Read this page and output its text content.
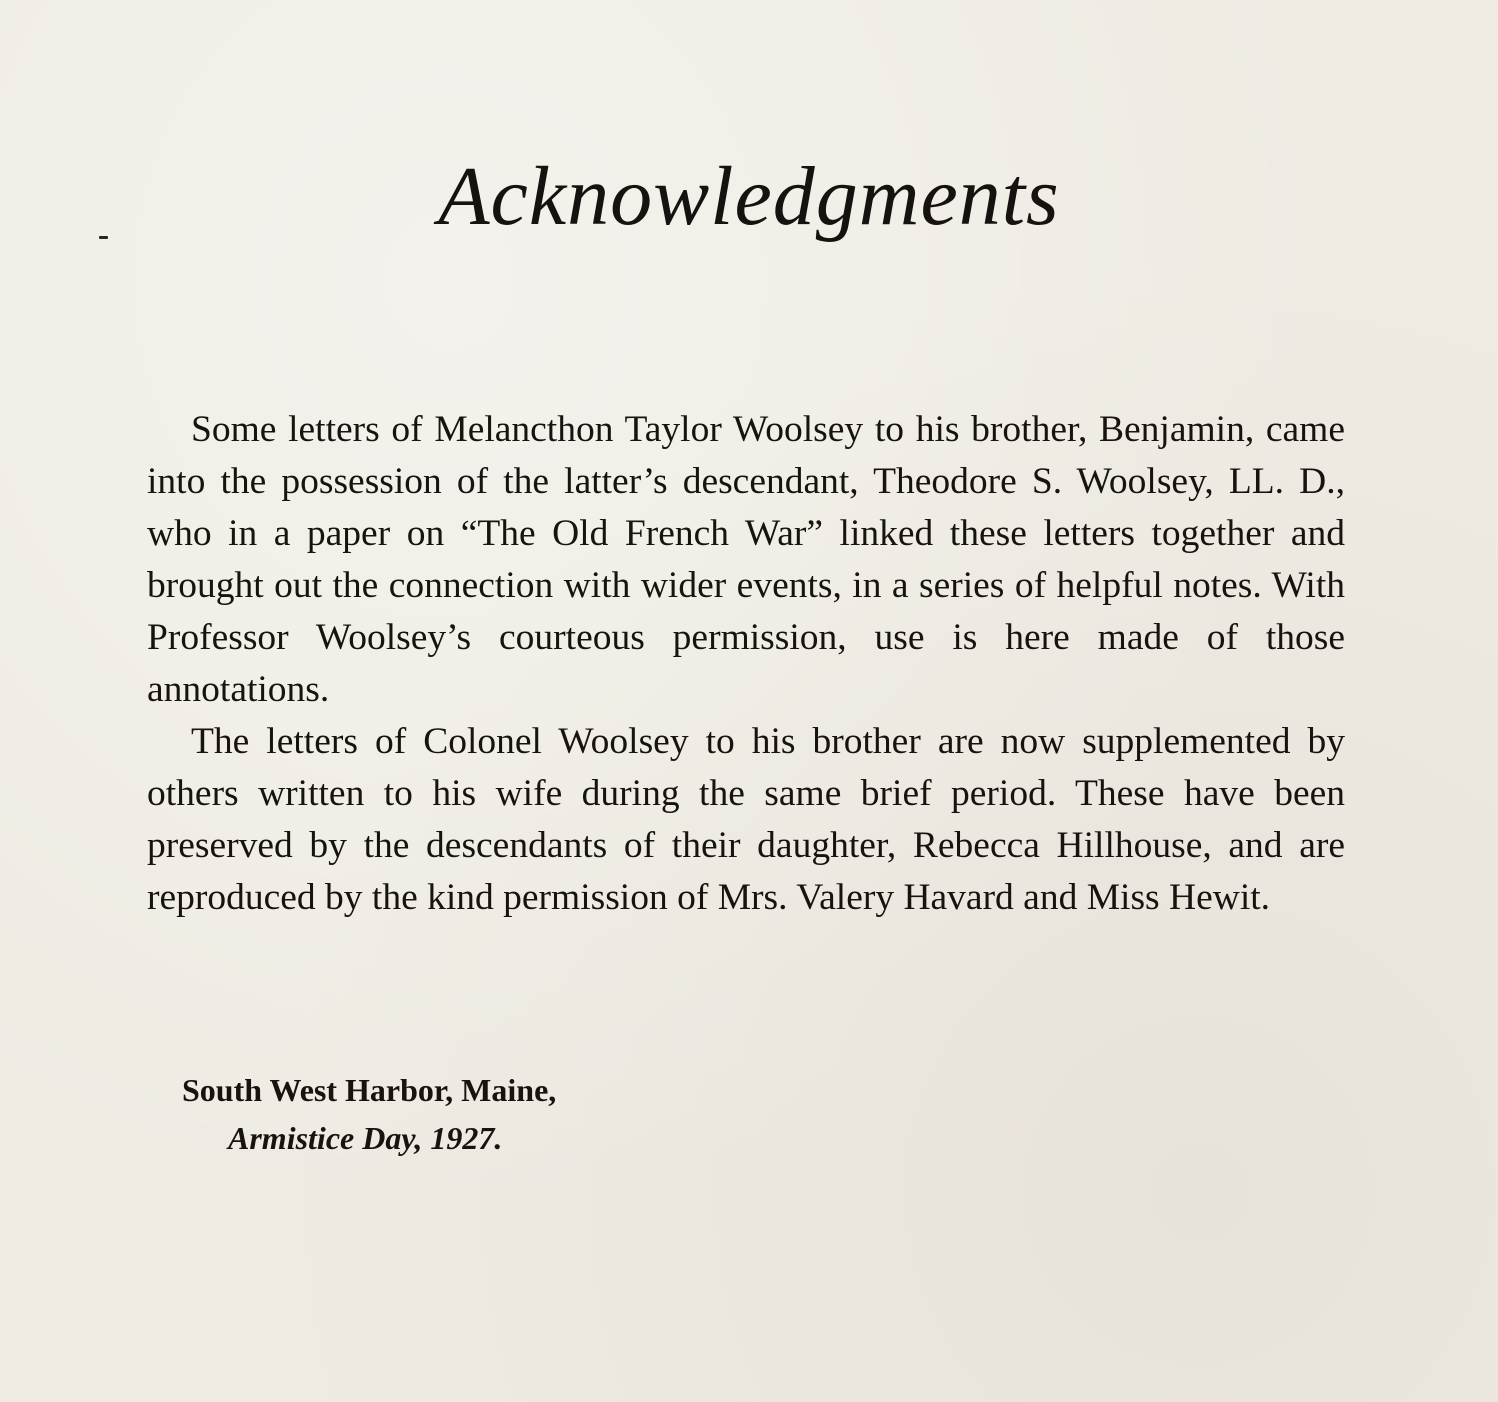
Acknowledgments

Some letters of Melancthon Taylor Woolsey to his brother, Benjamin, came into the possession of the latter’s descendant, Theodore S. Woolsey, LL. D., who in a paper on “The Old French War” linked these letters together and brought out the connection with wider events, in a series of helpful notes. With Professor Woolsey’s courteous permission, use is here made of those annotations.

The letters of Colonel Woolsey to his brother are now supplemented by others written to his wife during the same brief period. These have been preserved by the descendants of their daughter, Rebecca Hillhouse, and are reproduced by the kind permission of Mrs. Valery Havard and Miss Hewit.

South West Harbor, Maine,

Armistice Day, 1927.
